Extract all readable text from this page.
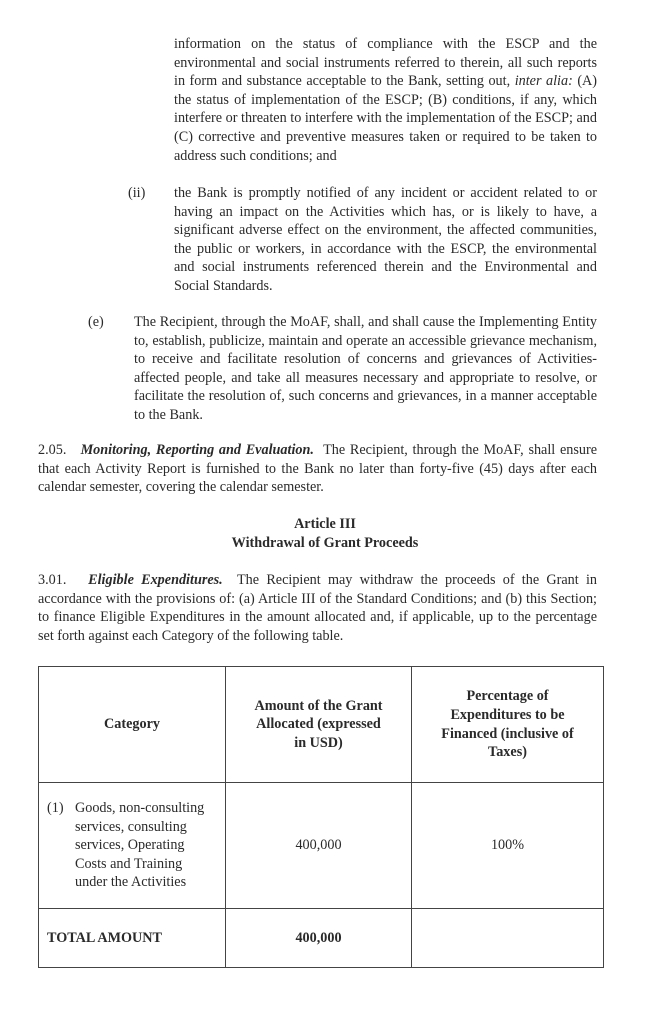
information on the status of compliance with the ESCP and the environmental and social instruments referred to therein, all such reports in form and substance acceptable to the Bank, setting out, inter alia: (A) the status of implementation of the ESCP; (B) conditions, if any, which interfere or threaten to interfere with the implementation of the ESCP; and (C) corrective and preventive measures taken or required to be taken to address such conditions; and
(ii) the Bank is promptly notified of any incident or accident related to or having an impact on the Activities which has, or is likely to have, a significant adverse effect on the environment, the affected communities, the public or workers, in accordance with the ESCP, the environmental and social instruments referenced therein and the Environmental and Social Standards.
(e) The Recipient, through the MoAF, shall, and shall cause the Implementing Entity to, establish, publicize, maintain and operate an accessible grievance mechanism, to receive and facilitate resolution of concerns and grievances of Activities-affected people, and take all measures necessary and appropriate to resolve, or facilitate the resolution of, such concerns and grievances, in a manner acceptable to the Bank.
2.05. Monitoring, Reporting and Evaluation. The Recipient, through the MoAF, shall ensure that each Activity Report is furnished to the Bank no later than forty-five (45) days after each calendar semester, covering the calendar semester.
Article III
Withdrawal of Grant Proceeds
3.01. Eligible Expenditures. The Recipient may withdraw the proceeds of the Grant in accordance with the provisions of: (a) Article III of the Standard Conditions; and (b) this Section; to finance Eligible Expenditures in the amount allocated and, if applicable, up to the percentage set forth against each Category of the following table.
Category	Amount of the Grant Allocated (expressed in USD)	Percentage of Expenditures to be Financed (inclusive of Taxes)

(1) Goods, non-consulting services, consulting services, Operating Costs and Training under the Activities	400,000	100%
TOTAL AMOUNT	400,000	
